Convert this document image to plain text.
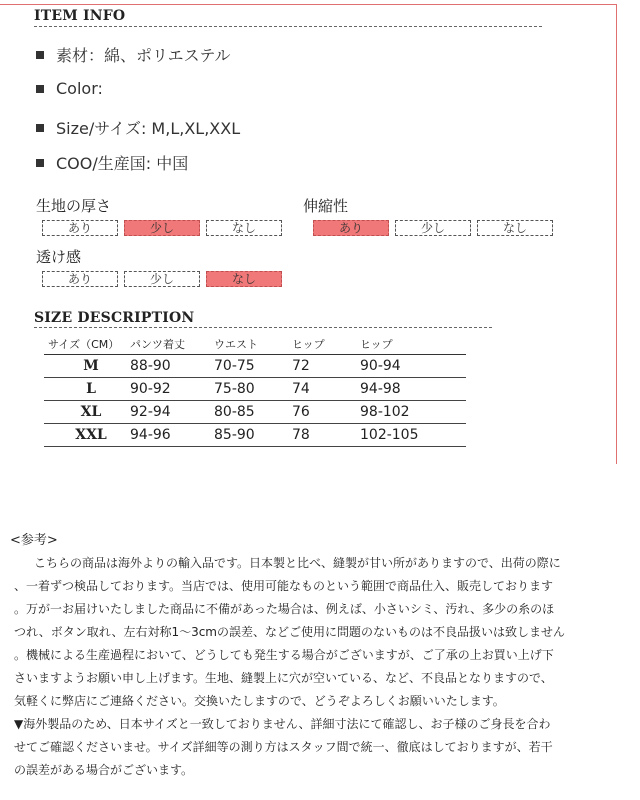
ITEM INFO
素材：綿、ポリエステル
Color:
Size/サイズ: M,L,XL,XXL
COO/生産国: 中国
生地の厚さ
あり	少し	なし
伸縮性
あり	少し	なし
透け感
あり	少し	なし
SIZE DESCRIPTION
サイズ（CM）	パンツ着丈	ウエスト	ヒップ	ヒップ
M	88-90	70-75	72	90-94
L	90-92	75-80	74	94-98
XL	92-94	80-85	76	98-102
XXL	94-96	85-90	78	102-105
<参考>
　こちらの商品は海外よりの輸入品です。日本製と比べ、縫製が甘い所がありますので、出荷の際に
、一着ずつ検品しております。当店では、使用可能なものという範囲で商品仕入、販売しております
。万が一お届けいたしました商品に不備があった場合は、例えば、小さいシミ、汚れ、多少の糸のほ
つれ、ボタン取れ、左右対称1～3cmの誤差、などご使用に問題のないものは不良品扱いは致しません
。機械による生産過程において、どうしても発生する場合がございますが、ご了承の上お買い上げ下
さいますようお願い申し上げます。生地、縫製上に穴が空いている、など、不良品となりますので、
気軽くに弊店にご連絡ください。交換いたしますので、どうぞよろしくお願いいたします。
▼海外製品のため、日本サイズと一致しておりません、詳細寸法にて確認し、お子様のご身長を合わ
せてご確認くださいませ。サイズ詳細等の測り方はスタッフ間で統一、徹底はしておりますが、若干
の誤差がある場合がございます。
